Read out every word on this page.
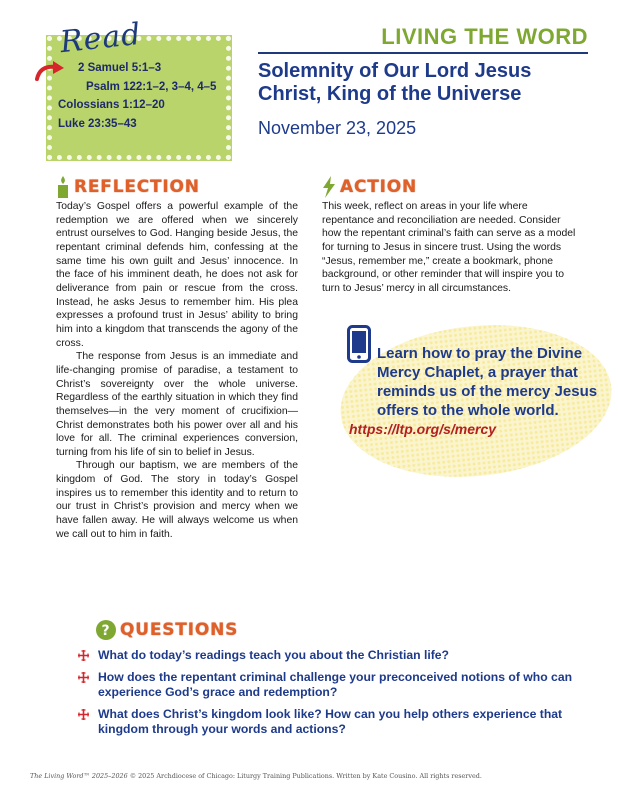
Read
2 Samuel 5:1–3
Psalm 122:1–2, 3–4, 4–5
Colossians 1:12–20
Luke 23:35–43
LIVING THE WORD
Solemnity of Our Lord Jesus Christ, King of the Universe
November 23, 2025
REFLECTION

Today’s Gospel offers a powerful example of the redemption we are offered when we sincerely entrust ourselves to God. Hanging beside Jesus, the repentant criminal defends him, confessing at the same time his own guilt and Jesus’ innocence. In the face of his imminent death, he does not ask for deliverance from pain or rescue from the cross. Instead, he asks Jesus to remember him. His plea expresses a profound trust in Jesus’ ability to bring him into a kingdom that transcends the agony of the cross.

The response from Jesus is an immediate and life-changing promise of paradise, a testament to Christ’s sovereignty over the whole universe. Regardless of the earthly situation in which they find themselves—in the very moment of crucifixion—Christ demonstrates both his power over all and his love for all. The criminal experiences conversion, turning from his life of sin to belief in Jesus.

Through our baptism, we are members of the kingdom of God. The story in today’s Gospel inspires us to remember this identity and to return to our trust in Christ’s provision and mercy when we have fallen away. He will always welcome us when we call out to him in faith.

ACTION
This week, reflect on areas in your life where repentance and reconciliation are needed. Consider how the repentant criminal’s faith can serve as a model for turning to Jesus in sincere trust. Using the words “Jesus, remember me,” create a bookmark, phone background, or other reminder that will inspire you to turn to Jesus’ mercy in all circumstances.
Learn how to pray the Divine Mercy Chaplet, a prayer that reminds us of the mercy Jesus offers to the whole world.
https://ltp.org/s/mercy
? QUESTIONS
What do today’s readings teach you about the Christian life?
How does the repentant criminal challenge your preconceived notions of who can experience God’s grace and redemption?
What does Christ’s kingdom look like? How can you help others experience that kingdom through your words and actions?
The Living Word™ 2025–2026 © 2025 Archdiocese of Chicago: Liturgy Training Publications. Written by Kate Cousino. All rights reserved.
